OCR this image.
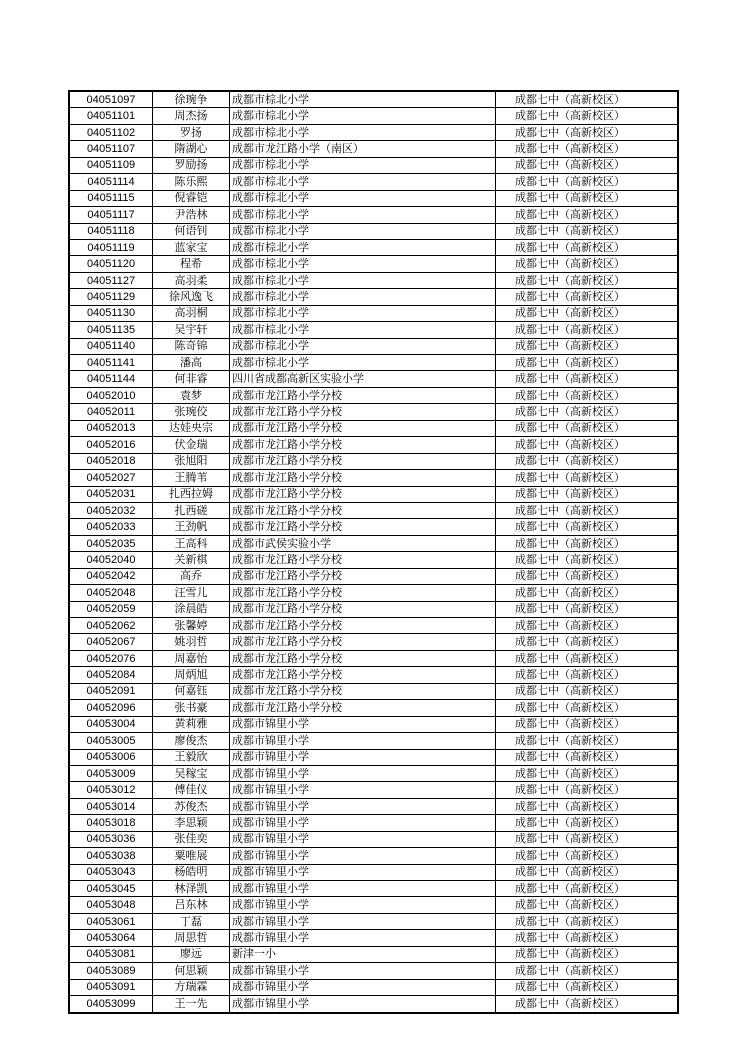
04051097	徐琬争	成都市棕北小学	成都七中（高新校区）
04051101	周杰扬	成都市棕北小学	成都七中（高新校区）
04051102	罗扬	成都市棕北小学	成都七中（高新校区）
04051107	隋湖心	成都市龙江路小学（南区）	成都七中（高新校区）
04051109	罗励扬	成都市棕北小学	成都七中（高新校区）
04051114	陈乐熙	成都市棕北小学	成都七中（高新校区）
04051115	倪睿铠	成都市棕北小学	成都七中（高新校区）
04051117	尹浩林	成都市棕北小学	成都七中（高新校区）
04051118	何语钊	成都市棕北小学	成都七中（高新校区）
04051119	蓝家宝	成都市棕北小学	成都七中（高新校区）
04051120	程希	成都市棕北小学	成都七中（高新校区）
04051127	高羽柔	成都市棕北小学	成都七中（高新校区）
04051129	徐风逸飞	成都市棕北小学	成都七中（高新校区）
04051130	高羽桐	成都市棕北小学	成都七中（高新校区）
04051135	吴宇轩	成都市棕北小学	成都七中（高新校区）
04051140	陈奇锦	成都市棕北小学	成都七中（高新校区）
04051141	潘高	成都市棕北小学	成都七中（高新校区）
04051144	何非睿	四川省成都高新区实验小学	成都七中（高新校区）
04052010	袁梦	成都市龙江路小学分校	成都七中（高新校区）
04052011	张琬佼	成都市龙江路小学分校	成都七中（高新校区）
04052013	达娃央宗	成都市龙江路小学分校	成都七中（高新校区）
04052016	伏金瑞	成都市龙江路小学分校	成都七中（高新校区）
04052018	张旭阳	成都市龙江路小学分校	成都七中（高新校区）
04052027	王腾苇	成都市龙江路小学分校	成都七中（高新校区）
04052031	扎西拉姆	成都市龙江路小学分校	成都七中（高新校区）
04052032	扎西磋	成都市龙江路小学分校	成都七中（高新校区）
04052033	王劲帆	成都市龙江路小学分校	成都七中（高新校区）
04052035	王高科	成都市武侯实验小学	成都七中（高新校区）
04052040	关新棋	成都市龙江路小学分校	成都七中（高新校区）
04052042	高乔	成都市龙江路小学分校	成都七中（高新校区）
04052048	汪雪儿	成都市龙江路小学分校	成都七中（高新校区）
04052059	涂晨皓	成都市龙江路小学分校	成都七中（高新校区）
04052062	张馨婷	成都市龙江路小学分校	成都七中（高新校区）
04052067	姚羽哲	成都市龙江路小学分校	成都七中（高新校区）
04052076	周嘉怡	成都市龙江路小学分校	成都七中（高新校区）
04052084	周炳旭	成都市龙江路小学分校	成都七中（高新校区）
04052091	何嘉钰	成都市龙江路小学分校	成都七中（高新校区）
04052096	张书豪	成都市龙江路小学分校	成都七中（高新校区）
04053004	黄莉雅	成都市锦里小学	成都七中（高新校区）
04053005	廖俊杰	成都市锦里小学	成都七中（高新校区）
04053006	王毅欣	成都市锦里小学	成都七中（高新校区）
04053009	吴稼宝	成都市锦里小学	成都七中（高新校区）
04053012	傅佳仪	成都市锦里小学	成都七中（高新校区）
04053014	苏俊杰	成都市锦里小学	成都七中（高新校区）
04053018	李思颖	成都市锦里小学	成都七中（高新校区）
04053036	张佳奕	成都市锦里小学	成都七中（高新校区）
04053038	粟唯展	成都市锦里小学	成都七中（高新校区）
04053043	杨皓明	成都市锦里小学	成都七中（高新校区）
04053045	林泽凯	成都市锦里小学	成都七中（高新校区）
04053048	吕东林	成都市锦里小学	成都七中（高新校区）
04053061	丁磊	成都市锦里小学	成都七中（高新校区）
04053064	周思哲	成都市锦里小学	成都七中（高新校区）
04053081	廖远	新津一小	成都七中（高新校区）
04053089	何思颖	成都市锦里小学	成都七中（高新校区）
04053091	方瑞霖	成都市锦里小学	成都七中（高新校区）
04053099	王一先	成都市锦里小学	成都七中（高新校区）
